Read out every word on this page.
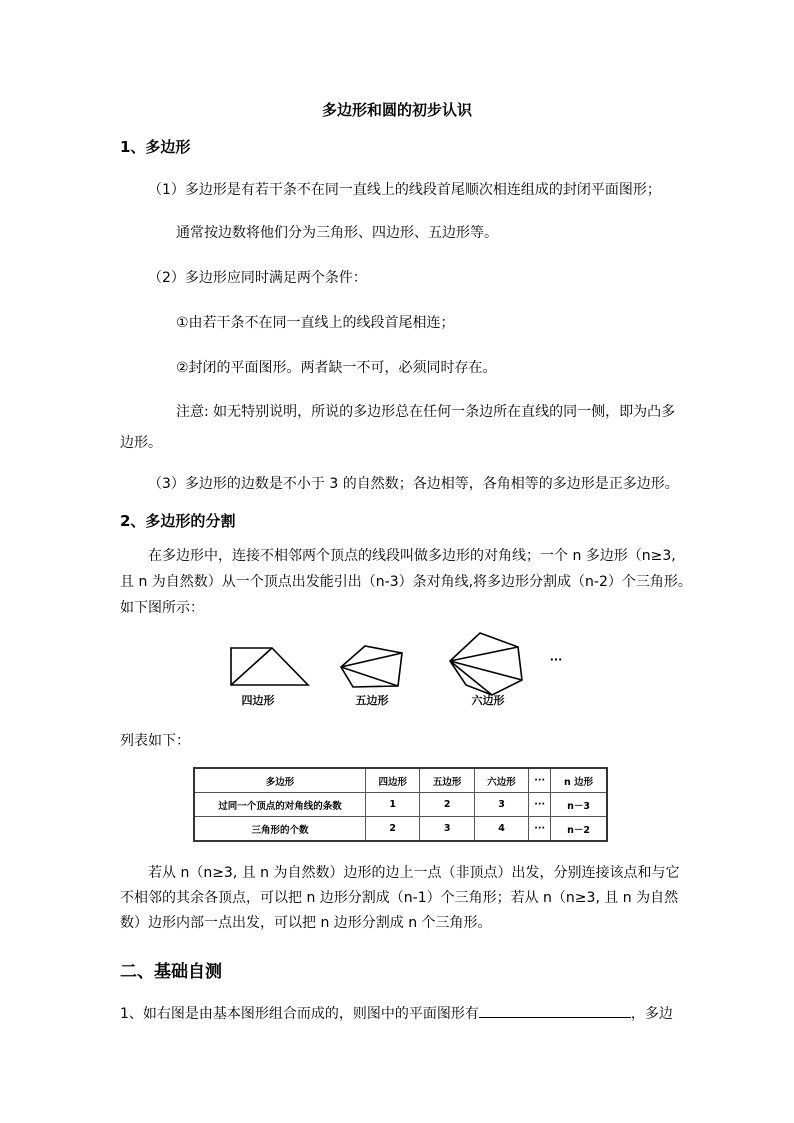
多边形和圆的初步认识
1、多边形
（1）多边形是有若干条不在同一直线上的线段首尾顺次相连组成的封闭平面图形；
通常按边数将他们分为三角形、四边形、五边形等。
（2）多边形应同时满足两个条件：
①由若干条不在同一直线上的线段首尾相连；
②封闭的平面图形。两者缺一不可，必须同时存在。
注意: 如无特别说明，所说的多边形总在任何一条边所在直线的同一侧，即为凸多
边形。
（3）多边形的边数是不小于 3 的自然数；各边相等，各角相等的多边形是正多边形。
2、多边形的分割
在多边形中，连接不相邻两个顶点的线段叫做多边形的对角线；一个 n 多边形（n≥3,
且 n 为自然数）从一个顶点出发能引出（n-3）条对角线,将多边形分割成（n-2）个三角形。
如下图所示：
···
四边形	五边形	六边形
列表如下：
多边形	四边形	五边形	六边形	···	n 边形
过同一个顶点的对角线的条数	1	2	3	···	n－3
三角形的个数	2	3	4	···	n－2
若从 n（n≥3, 且 n 为自然数）边形的边上一点（非顶点）出发，分别连接该点和与它
不相邻的其余各顶点，可以把 n 边形分割成（n-1）个三角形；若从 n（n≥3, 且 n 为自然
数）边形内部一点出发，可以把 n 边形分割成 n 个三角形。
二、基础自测
1、如右图是由基本图形组合而成的，则图中的平面图形有	，多边
